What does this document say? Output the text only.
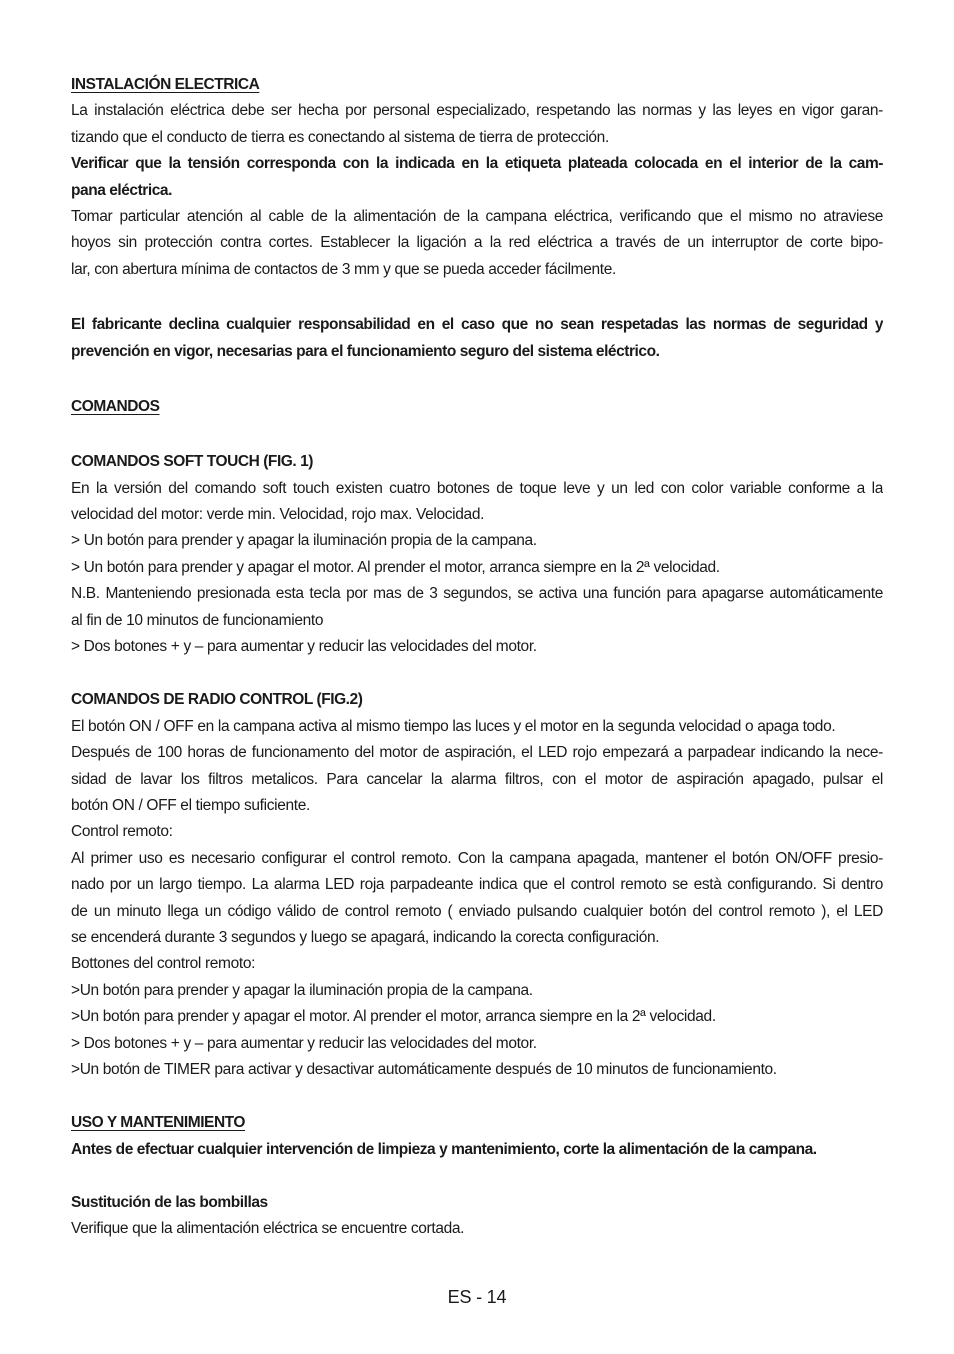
INSTALACIÓN ELECTRICA
La instalación eléctrica debe ser hecha por personal especializado, respetando las normas y las leyes en vigor garan-
tizando que el conducto de tierra es conectando al sistema de tierra de protección.
Verificar que la tensión corresponda con la indicada en la etiqueta plateada colocada en el interior de la cam-
pana eléctrica.
Tomar particular atención al cable de la alimentación de la campana eléctrica, verificando que el mismo no atraviese
hoyos sin protección contra cortes. Establecer la ligación a la red eléctrica a través de un interruptor de corte bipo-
lar, con abertura mínima de contactos de 3 mm y que se pueda acceder fácilmente.
El fabricante declina cualquier responsabilidad en el caso que no sean respetadas las normas de seguridad y
prevención en vigor, necesarias para el funcionamiento seguro del sistema eléctrico.
COMANDOS
COMANDOS SOFT TOUCH (FIG. 1)
En la versión del comando soft touch existen cuatro botones de toque leve y un led con color variable conforme a la
velocidad del motor: verde min. Velocidad, rojo max. Velocidad.
> Un botón para prender y apagar la iluminación propia de la campana.
> Un botón para prender y apagar el motor. Al prender el motor, arranca siempre en la 2ª velocidad.
N.B. Manteniendo presionada esta tecla por mas de 3 segundos, se activa una función para apagarse automáticamente
al fin de 10 minutos de funcionamiento
> Dos botones + y – para aumentar y reducir las velocidades del motor.
COMANDOS DE RADIO CONTROL (FIG.2)
El botón ON / OFF en la campana activa al mismo tiempo las luces y el motor en la segunda velocidad o apaga todo.
Después de 100 horas de funcionamento del motor de aspiración, el LED rojo empezará a parpadear indicando la nece-
sidad de lavar los filtros metalicos. Para cancelar la alarma filtros, con el motor de aspiración apagado, pulsar el
botón ON / OFF el tiempo suficiente.
Control remoto:
Al primer uso es necesario configurar el control remoto. Con la campana apagada, mantener el botón ON/OFF presio-
nado por un largo tiempo. La alarma LED roja parpadeante indica que el control remoto se està configurando. Si dentro
de un minuto llega un código válido de control remoto ( enviado pulsando cualquier botón del control remoto ), el LED
se encenderá durante 3 segundos y luego se apagará, indicando la corecta configuración.
Bottones del control remoto:
>Un botón para prender y apagar la iluminación propia de la campana.
>Un botón para prender y apagar el motor. Al prender el motor, arranca siempre en la 2ª velocidad.
> Dos botones + y – para aumentar y reducir las velocidades del motor.
>Un botón de TIMER para activar y desactivar automáticamente después de 10 minutos de funcionamiento.
USO Y MANTENIMIENTO
Antes de efectuar cualquier intervención de limpieza y mantenimiento, corte la alimentación de la campana.
Sustitución de las bombillas
Verifique que la alimentación eléctrica se encuentre cortada.
ES - 14
